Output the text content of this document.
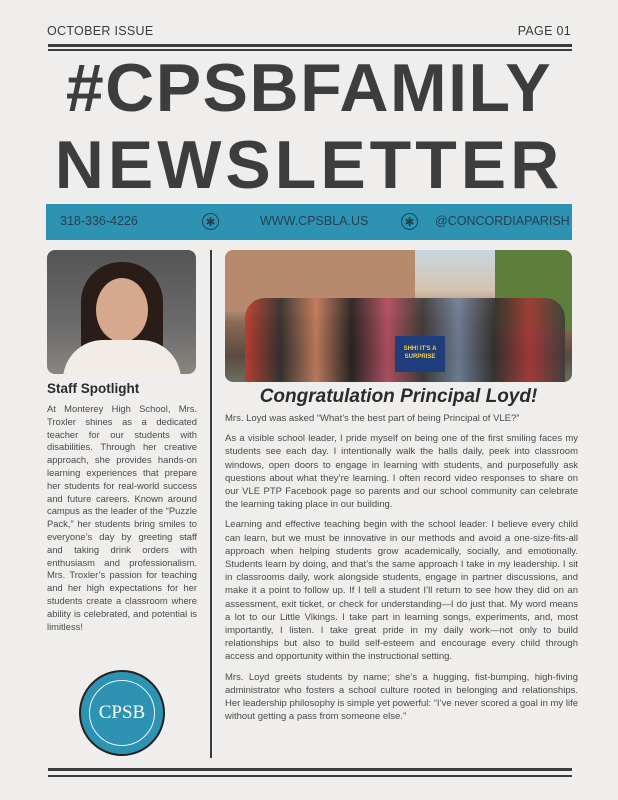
OCTOBER ISSUE	PAGE 01
#CPSBFAMILY
NEWSLETTER
318-336-4226	✱	WWW.CPSBLA.US	✱ @CONCORDIAPARISH
Staff Spotlight
At Monterey High School, Mrs. Troxler shines as a dedicated teacher for our students with disabilities. Through her creative approach, she provides hands-on learning experiences that prepare her students for real-world success and future careers. Known around campus as the leader of the “Puzzle Pack,” her students bring smiles to everyone’s day by greeting staff and taking drink orders with enthusiasm and professionalism. Mrs. Troxler’s passion for teaching and her high expectations for her students create a classroom where ability is celebrated, and potential is limitless!
CPSB
SHH! IT'S A SURPRISE
Congratulation Principal Loyd!

Mrs. Loyd was asked “What’s the best part of being Principal of VLE?”

As a visible school leader, I pride myself on being one of the first smiling faces my students see each day. I intentionally walk the halls daily, peek into classroom windows, open doors to engage in learning with students, and purposefully ask questions about what they’re learning. I often record video responses to share on our VLE PTP Facebook page so parents and our school community can celebrate the learning taking place in our building.

Learning and effective teaching begin with the school leader. I believe every child can learn, but we must be innovative in our methods and avoid a one-size-fits-all approach when helping students grow academically, socially, and emotionally. Students learn by doing, and that’s the same approach I take in my leadership. I sit in classrooms daily, work alongside students, engage in partner discussions, and make it a point to follow up. If I tell a student I’ll return to see how they did on an assessment, exit ticket, or check for understanding—I do just that. My word means a lot to our Little Vikings. I take part in learning songs, experiments, and, most importantly, I listen. I take great pride in my daily work—not only to build relationships but also to build self-esteem and encourage every child through access and opportunity within the instructional setting.

Mrs. Loyd greets students by name; she’s a hugging, fist-bumping, high-fiving administrator who fosters a school culture rooted in belonging and relationships. Her leadership philosophy is simple yet powerful: “I’ve never scored a goal in my life without getting a pass from someone else.”
